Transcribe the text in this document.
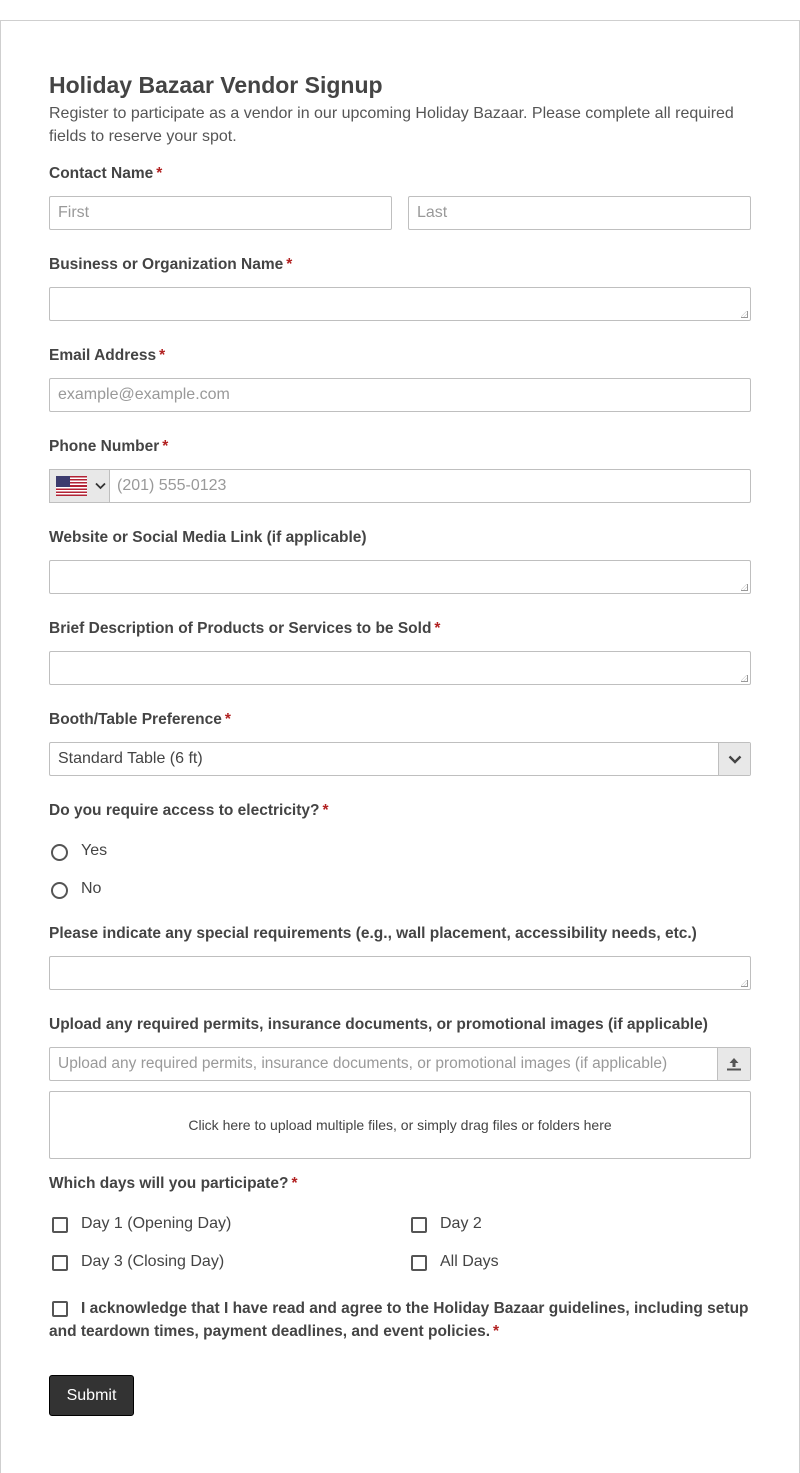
Holiday Bazaar Vendor Signup
Register to participate as a vendor in our upcoming Holiday Bazaar. Please complete all required fields to reserve your spot.
Contact Name *
First	Last
Business or Organization Name *
Email Address *
example@example.com
Phone Number *
(201) 555-0123
Website or Social Media Link (if applicable)
Brief Description of Products or Services to be Sold *
Booth/Table Preference *
Standard Table (6 ft)
Do you require access to electricity? *
Yes
No
Please indicate any special requirements (e.g., wall placement, accessibility needs, etc.)
Upload any required permits, insurance documents, or promotional images (if applicable)
Upload any required permits, insurance documents, or promotional images (if applicable)
Click here to upload multiple files, or simply drag files or folders here
Which days will you participate? *
Day 1 (Opening Day)	Day 2
Day 3 (Closing Day)	All Days
I acknowledge that I have read and agree to the Holiday Bazaar guidelines, including setup and teardown times, payment deadlines, and event policies. *
Submit
